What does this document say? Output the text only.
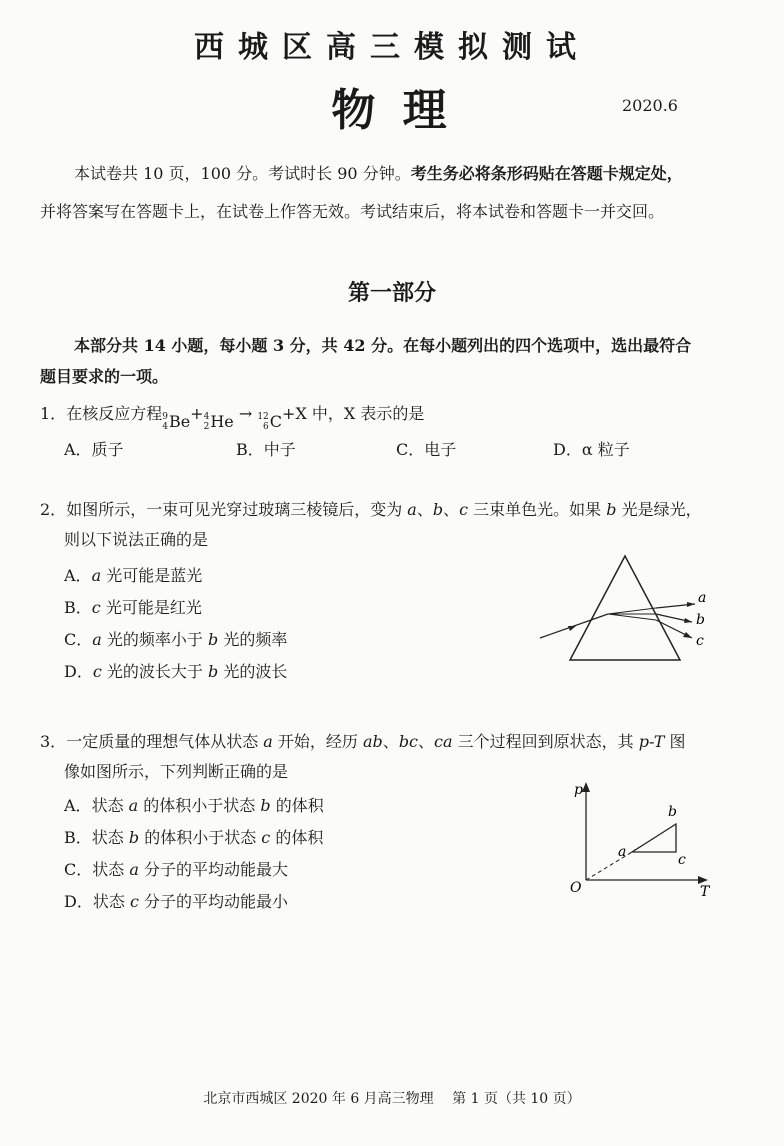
西城区高三模拟测试
物 理	2020.6
本试卷共 10 页，100 分。考试时长 90 分钟。考生务必将条形码贴在答题卡规定处，
并将答案写在答题卡上，在试卷上作答无效。考试结束后，将本试卷和答题卡一并交回。
第一部分
本部分共 14 小题，每小题 3 分，共 42 分。在每小题列出的四个选项中，选出最符合
题目要求的一项。
1．在核反应方程 9
4 Be + 4
2 He → 12
6 C +X 中，X 表示的是
A．质子	B．中子	C．电子	D．α 粒子
2．如图所示，一束可见光穿过玻璃三棱镜后，变为 a、b、c 三束单色光。如果 b 光是绿光，
则以下说法正确的是
A．a 光可能是蓝光
B．c 光可能是红光
C．a 光的频率小于 b 光的频率
D．c 光的波长大于 b 光的波长
a
b
c
3．一定质量的理想气体从状态 a 开始，经历 ab、bc、ca 三个过程回到原状态，其 p-T 图
像如图所示，下列判断正确的是
A．状态 a 的体积小于状态 b 的体积
B．状态 b 的体积小于状态 c 的体积
C．状态 a 分子的平均动能最大
D．状态 c 分子的平均动能最小
p
T
O
a
b
c
北京市西城区 2020 年 6 月高三物理　 第 1 页（共 10 页）
